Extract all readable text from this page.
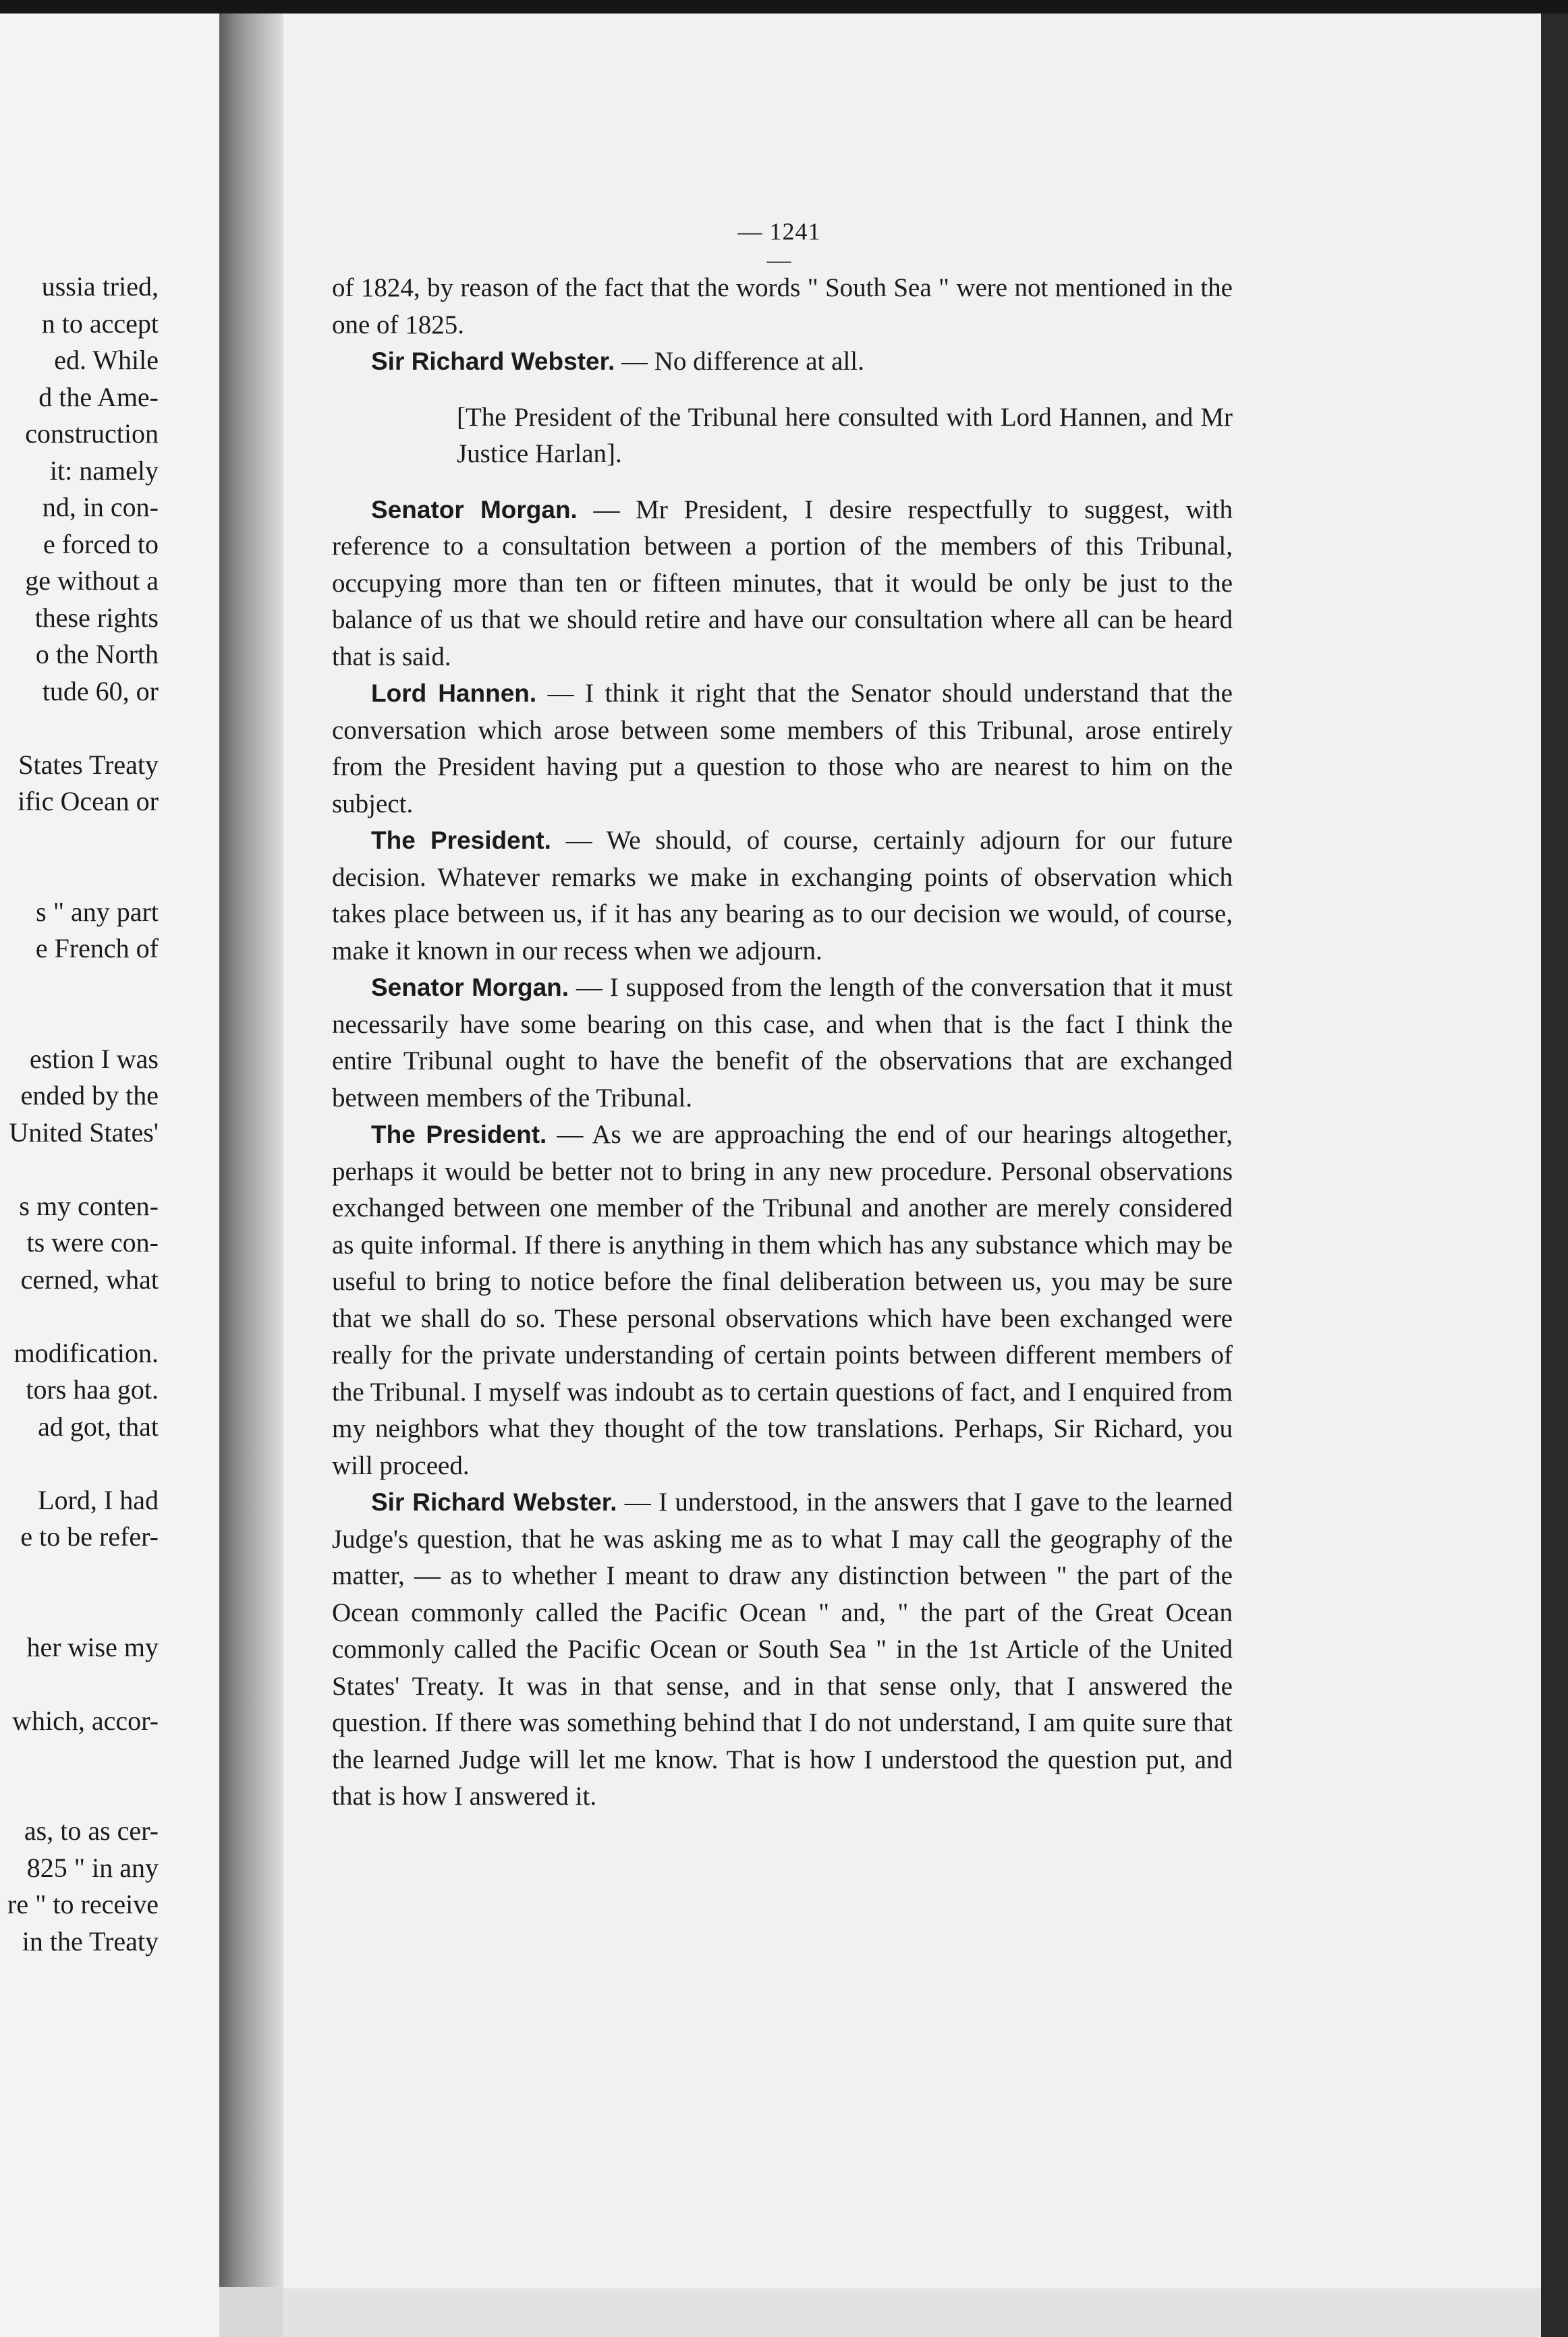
ussia tried,
n to accept
ed. While
d the Ame-
construction
it: namely
nd, in con-
e forced to
ge without a
these rights
o the North
tude 60, or
States Treaty
ific Ocean or
s " any part
e French of
estion I was
ended by the
United States'
s my conten-
ts were con-
cerned, what
modification.
tors haa got.
ad got, that
Lord, I had
e to be refer-
her wise my
which, accor-
as, to as cer-
825 " in any
re " to receive
in the Treaty
— 1241 —

of 1824, by reason of the fact that the words " South Sea " were not mentioned in the one of 1825.

Sir Richard Webster. — No difference at all.

[The President of the Tribunal here consulted with Lord Hannen, and Mr Justice Harlan].

Senator Morgan. — Mr President, I desire respectfully to suggest, with reference to a consultation between a portion of the members of this Tribunal, occupying more than ten or fifteen minutes, that it would be only be just to the balance of us that we should retire and have our consultation where all can be heard that is said.

Lord Hannen. — I think it right that the Senator should understand that the conversation which arose between some members of this Tribunal, arose entirely from the President having put a question to those who are nearest to him on the subject.

The President. — We should, of course, certainly adjourn for our future decision. Whatever remarks we make in exchanging points of observation which takes place between us, if it has any bearing as to our decision we would, of course, make it known in our recess when we adjourn.

Senator Morgan. — I supposed from the length of the conversation that it must necessarily have some bearing on this case, and when that is the fact I think the entire Tribunal ought to have the benefit of the observations that are exchanged between members of the Tribunal.

The President. — As we are approaching the end of our hearings altogether, perhaps it would be better not to bring in any new procedure. Personal observations exchanged between one member of the Tribunal and another are merely considered as quite informal. If there is anything in them which has any substance which may be useful to bring to notice before the final deliberation between us, you may be sure that we shall do so. These personal observations which have been exchanged were really for the private understanding of certain points between different members of the Tribunal. I myself was indoubt as to certain questions of fact, and I enquired from my neighbors what they thought of the tow translations. Perhaps, Sir Richard, you will proceed.

Sir Richard Webster. — I understood, in the answers that I gave to the learned Judge's question, that he was asking me as to what I may call the geography of the matter, — as to whether I meant to draw any distinction between " the part of the Ocean commonly called the Pacific Ocean " and, " the part of the Great Ocean commonly called the Pacific Ocean or South Sea " in the 1st Article of the United States' Treaty. It was in that sense, and in that sense only, that I answered the question. If there was something behind that I do not understand, I am quite sure that the learned Judge will let me know. That is how I understood the question put, and that is how I answered it.
